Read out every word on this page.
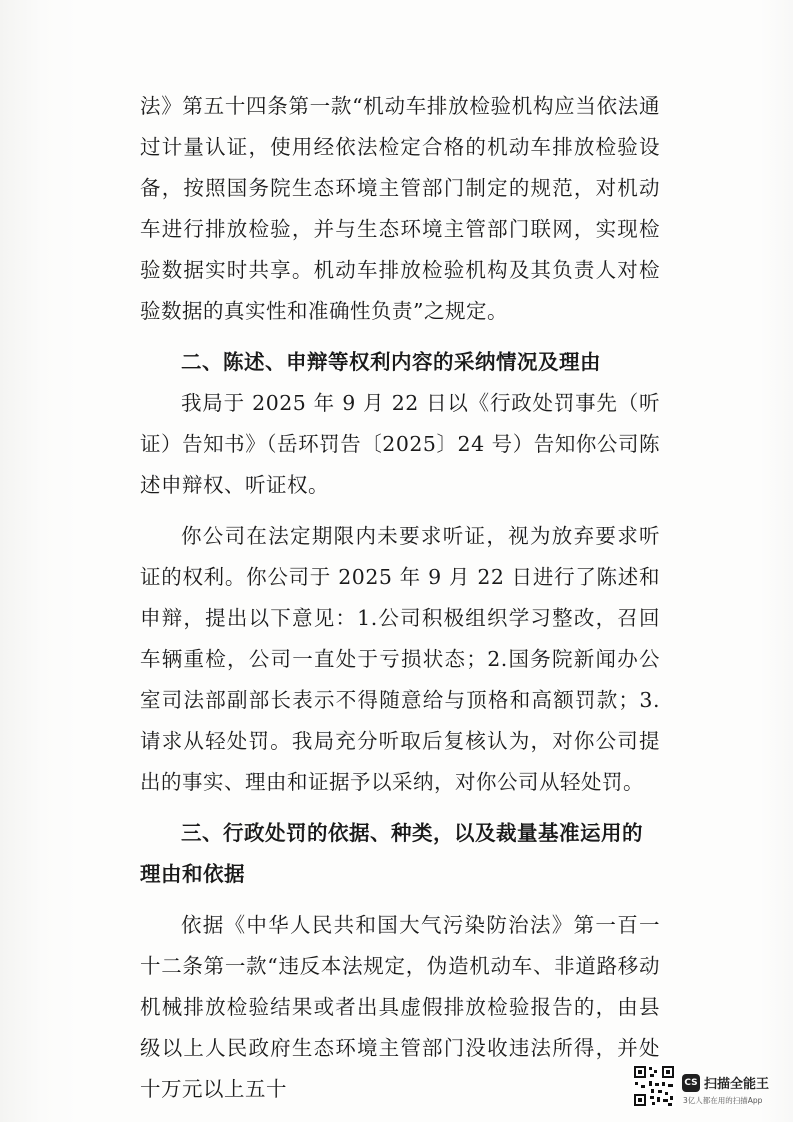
法》第五十四条第一款“机动车排放检验机构应当依法通过计量认证，使用经依法检定合格的机动车排放检验设备，按照国务院生态环境主管部门制定的规范，对机动车进行排放检验，并与生态环境主管部门联网，实现检验数据实时共享。机动车排放检验机构及其负责人对检验数据的真实性和准确性负责”之规定。

二、陈述、申辩等权利内容的采纳情况及理由

我局于 2025 年 9 月 22 日以《行政处罚事先（听证）告知书》（岳环罚告〔2025〕24 号）告知你公司陈述申辩权、听证权。

你公司在法定期限内未要求听证，视为放弃要求听证的权利。你公司于 2025 年 9 月 22 日进行了陈述和申辩，提出以下意见：1.公司积极组织学习整改，召回车辆重检，公司一直处于亏损状态；2.国务院新闻办公室司法部副部长表示不得随意给与顶格和高额罚款；3.请求从轻处罚。我局充分听取后复核认为，对你公司提出的事实、理由和证据予以采纳，对你公司从轻处罚。

三、行政处罚的依据、种类，以及裁量基准运用的理由和依据

依据《中华人民共和国大气污染防治法》第一百一十二条第一款“违反本法规定，伪造机动车、非道路移动机械排放检验结果或者出具虚假排放检验报告的，由县级以上人民政府生态环境主管部门没收违法所得，并处十万元以上五十	CS 扫描全能王
3亿人都在用的扫描App
